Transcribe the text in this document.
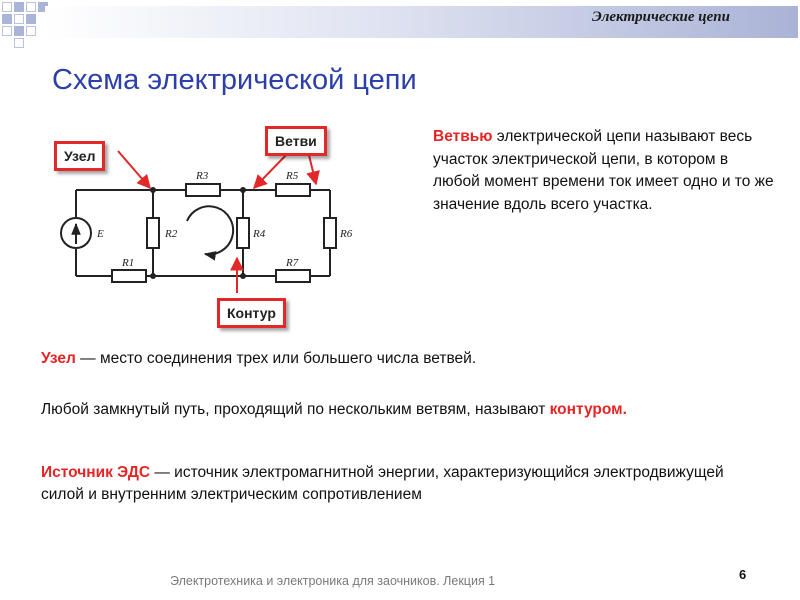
Электрические цепи
Схема электрической цепи
E
R1
R2
R3
R4
R5
R6
R7
Узел
Ветви
Контур

Ветвью электрической цепи называют весь участок электрической цепи, в котором в любой момент времени ток имеет одно и то же значение вдоль всего участка.

Узел — место соединения трех или большего числа ветвей.

Любой замкнутый путь, проходящий по нескольким ветвям, называют контуром.

Источник ЭДС — источник электромагнитной энергии, характеризующийся электродвижущей силой и внутренним электрическим сопротивлением

Электротехника и электроника для заочников. Лекция 1	6
